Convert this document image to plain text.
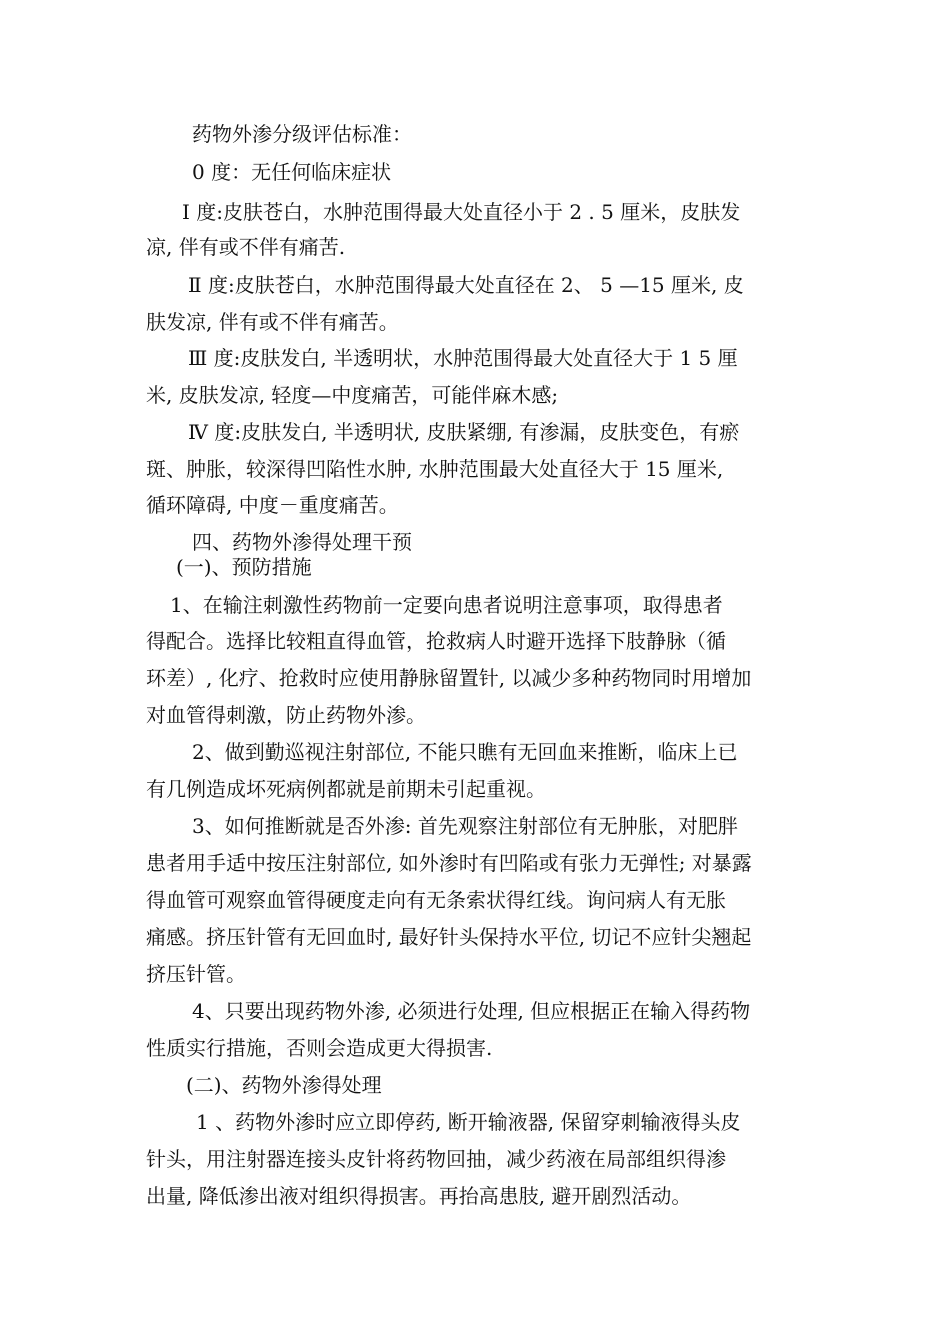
药物外渗分级评估标准：
0 度：无任何临床症状
Ⅰ 度:皮肤苍白，水肿范围得最大处直径小于 2 . 5 厘米，皮肤发
凉, 伴有或不伴有痛苦.
Ⅱ 度:皮肤苍白，水肿范围得最大处直径在 2、 5 —15 厘米, 皮
肤发凉, 伴有或不伴有痛苦。
Ⅲ 度:皮肤发白, 半透明状，水肿范围得最大处直径大于 1 5 厘
米, 皮肤发凉, 轻度—中度痛苦，可能伴麻木感;
Ⅳ 度:皮肤发白, 半透明状, 皮肤紧绷, 有渗漏，皮肤变色，有瘀
斑、肿胀，较深得凹陷性水肿, 水肿范围最大处直径大于 15 厘米,
循环障碍, 中度－重度痛苦。
四、药物外渗得处理干预
(一)、预防措施
1、在输注刺激性药物前一定要向患者说明注意事项，取得患者
得配合。选择比较粗直得血管，抢救病人时避开选择下肢静脉（循
环差）, 化疗、抢救时应使用静脉留置针, 以减少多种药物同时用增加
对血管得刺激，防止药物外渗。
2、做到勤巡视注射部位, 不能只瞧有无回血来推断，临床上已
有几例造成坏死病例都就是前期未引起重视。
3、如何推断就是否外渗: 首先观察注射部位有无肿胀，对肥胖
患者用手适中按压注射部位, 如外渗时有凹陷或有张力无弹性; 对暴露
得血管可观察血管得硬度走向有无条索状得红线。询问病人有无胀
痛感。挤压针管有无回血时, 最好针头保持水平位, 切记不应针尖翘起
挤压针管。
4、只要出现药物外渗, 必须进行处理, 但应根据正在输入得药物
性质实行措施，否则会造成更大得损害.
(二)、药物外渗得处理
1 、药物外渗时应立即停药, 断开输液器, 保留穿刺输液得头皮
针头，用注射器连接头皮针将药物回抽，减少药液在局部组织得渗
出量, 降低渗出液对组织得损害。再抬高患肢, 避开剧烈活动。
